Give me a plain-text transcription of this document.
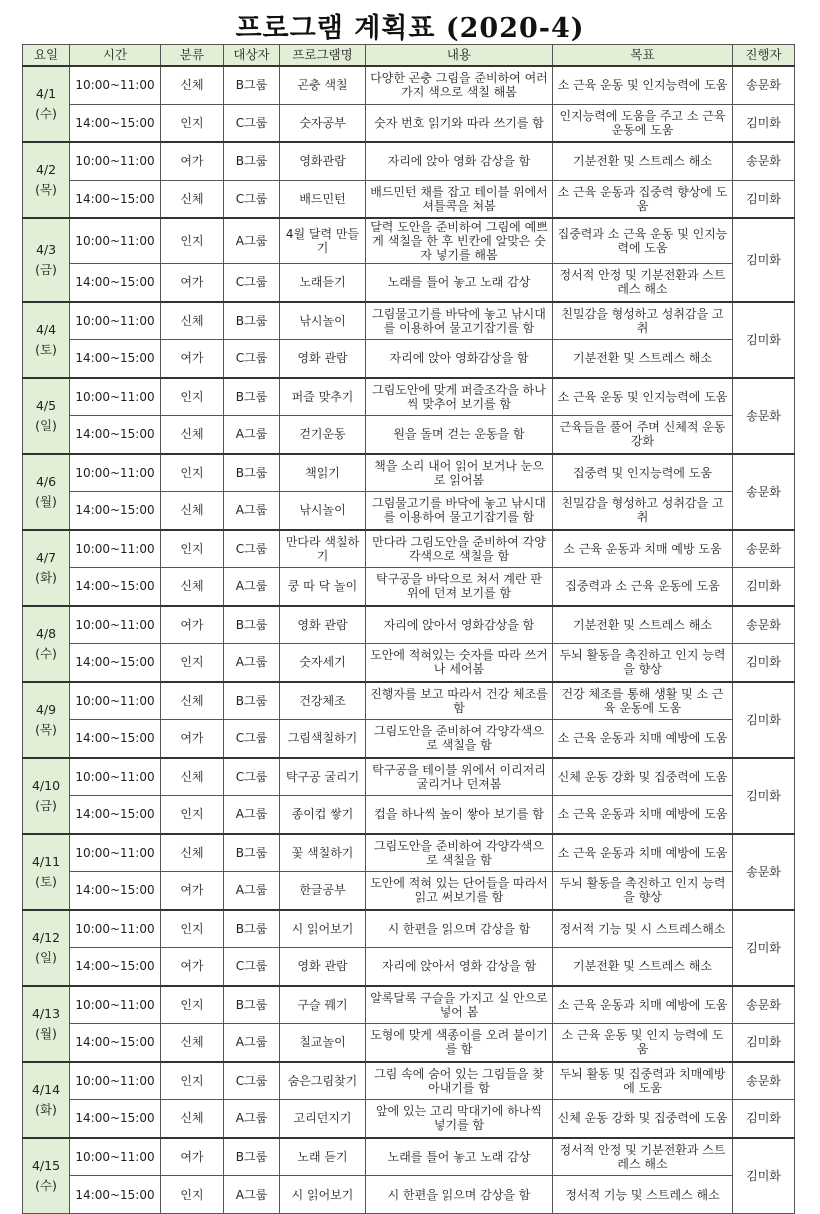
프로그램 계획표 (2020-4)
요일	시간	분류	대상자	프로그램명	내용	목표	진행자

4/1
(수)	10:00~11:00	신체	B그룹	곤충 색칠	다양한 곤충 그림을 준비하여 여러 가지 색으로 색칠 해봄	소 근육 운동 및 인지능력에 도움	송문화
	14:00~15:00	인지	C그룹	숫자공부	숫자 번호 읽기와 따라 쓰기를 함	인지능력에 도움을 주고 소 근육 운동에 도움	김미화

4/2
(목)	10:00~11:00	여가	B그룹	영화관람	자리에 앉아 영화 감상을 함	기분전환 및 스트레스 해소	송문화
	14:00~15:00	신체	C그룹	배드민턴	배드민턴 채를 잡고 테이블 위에서 셔틀콕을 쳐봄	소 근육 운동과 집중력 향상에 도움	김미화

4/3
(금)	10:00~11:00	인지	A그룹	4월 달력 만들기	달력 도안을 준비하여 그림에 예쁘게 색칠을 한 후 빈칸에 알맞은 숫자 넣기를 해봄	집중력과 소 근육 운동 및 인지능력에 도움	김미화
	14:00~15:00	여가	C그룹	노래듣기	노래를 틀어 놓고 노래 감상	정서적 안정 및 기분전환과 스트레스 해소	

4/4
(토)	10:00~11:00	신체	B그룹	낚시놀이	그림물고기를 바닥에 놓고 낚시대를 이용하여 물고기잡기를 함	친밀감을 형성하고 성취감을 고취	김미화
	14:00~15:00	여가	C그룹	영화 관람	자리에 앉아 영화감상을 함	기분전환 및 스트레스 해소	

4/5
(일)	10:00~11:00	인지	B그룹	퍼즐 맞추기	그림도안에 맞게 퍼즐조각을 하나씩 맞추어 보기를 함	소 근육 운동 및 인지능력에 도움	송문화
	14:00~15:00	신체	A그룹	걷기운동	원을 돌며 걷는 운동을 함	근육들을 풀어 주며 신체적 운동 강화	

4/6
(월)	10:00~11:00	인지	B그룹	책읽기	책을 소리 내어 읽어 보거나 눈으로 읽어봄	집중력 및 인지능력에 도움	송문화
	14:00~15:00	신체	A그룹	낚시놀이	그림물고기를 바닥에 놓고 낚시대를 이용하여 물고기잡기를 함	친밀감을 형성하고 성취감을 고취	

4/7
(화)	10:00~11:00	인지	C그룹	만다라 색칠하기	만다라 그림도안을 준비하여 각양각색으로 색칠을 함	소 근육 운동과 치매 예방 도움	송문화
	14:00~15:00	신체	A그룹	쿵 따 닥 놀이	탁구공을 바닥으로 쳐서 계란 판 위에 던져 보기를 함	집중력과 소 근육 운동에 도움	김미화

4/8
(수)	10:00~11:00	여가	B그룹	영화 관람	자리에 앉아서 영화감상을 함	기분전환 및 스트레스 해소	송문화
	14:00~15:00	인지	A그룹	숫자세기	도안에 적혀있는 숫자를 따라 쓰거나 세어봄	두뇌 활동을 촉진하고 인지 능력을 향상	김미화

4/9
(목)	10:00~11:00	신체	B그룹	건강체조	진행자를 보고 따라서 건강 체조를 함	건강 체조를 통해 생활 및 소 근육 운동에 도움	김미화
	14:00~15:00	여가	C그룹	그림색칠하기	그림도안을 준비하여 각양각색으로 색칠을 함	소 근육 운동과 치매 예방에 도움	

4/10
(금)	10:00~11:00	신체	C그룹	탁구공 굴리기	탁구공을 테이블 위에서 이리저리 굴리거나 던져봄	신체 운동 강화 및 집중력에 도움	김미화
	14:00~15:00	인지	A그룹	종이컵 쌓기	컵을 하나씩 높이 쌓아 보기를 함	소 근육 운동과 치매 예방에 도움	

4/11
(토)	10:00~11:00	신체	B그룹	꽃 색칠하기	그림도안을 준비하여 각양각색으로 색칠을 함	소 근육 운동과 치매 예방에 도움	송문화
	14:00~15:00	여가	A그룹	한글공부	도안에 적혀 있는 단어들을 따라서 읽고 써보기를 함	두뇌 활동을 촉진하고 인지 능력을 향상	

4/12
(일)	10:00~11:00	인지	B그룹	시 읽어보기	시 한편을 읽으며 감상을 함	정서적 기능 및 시 스트레스해소	김미화
	14:00~15:00	여가	C그룹	영화 관람	자리에 앉아서 영화 감상을 함	기분전환 및 스트레스 해소	

4/13
(월)	10:00~11:00	인지	B그룹	구슬 꿰기	알록달록 구슬을 가지고 실 안으로 넣어 봄	소 근육 운동과 치매 예방에 도움	송문화
	14:00~15:00	신체	A그룹	칠교놀이	도형에 맞게 색종이를 오려 붙이기를 함	소 근육 운동 및 인지 능력에 도움	김미화

4/14
(화)	10:00~11:00	인지	C그룹	숨은그림찾기	그림 속에 숨어 있는 그림들을 찾아내기를 함	두뇌 활동 및 집중력과 치매예방에 도움	송문화
	14:00~15:00	신체	A그룹	고리던지기	앞에 있는 고리 막대기에 하나씩 넣기를 함	신체 운동 강화 및 집중력에 도움	김미화

4/15
(수)	10:00~11:00	여가	B그룹	노래 듣기	노래를 틀어 놓고 노래 감상	정서적 안정 및 기분전환과 스트레스 해소	김미화
	14:00~15:00	인지	A그룹	시 읽어보기	시 한편을 읽으며 감상을 함	정서적 기능 및 스트레스 해소	
